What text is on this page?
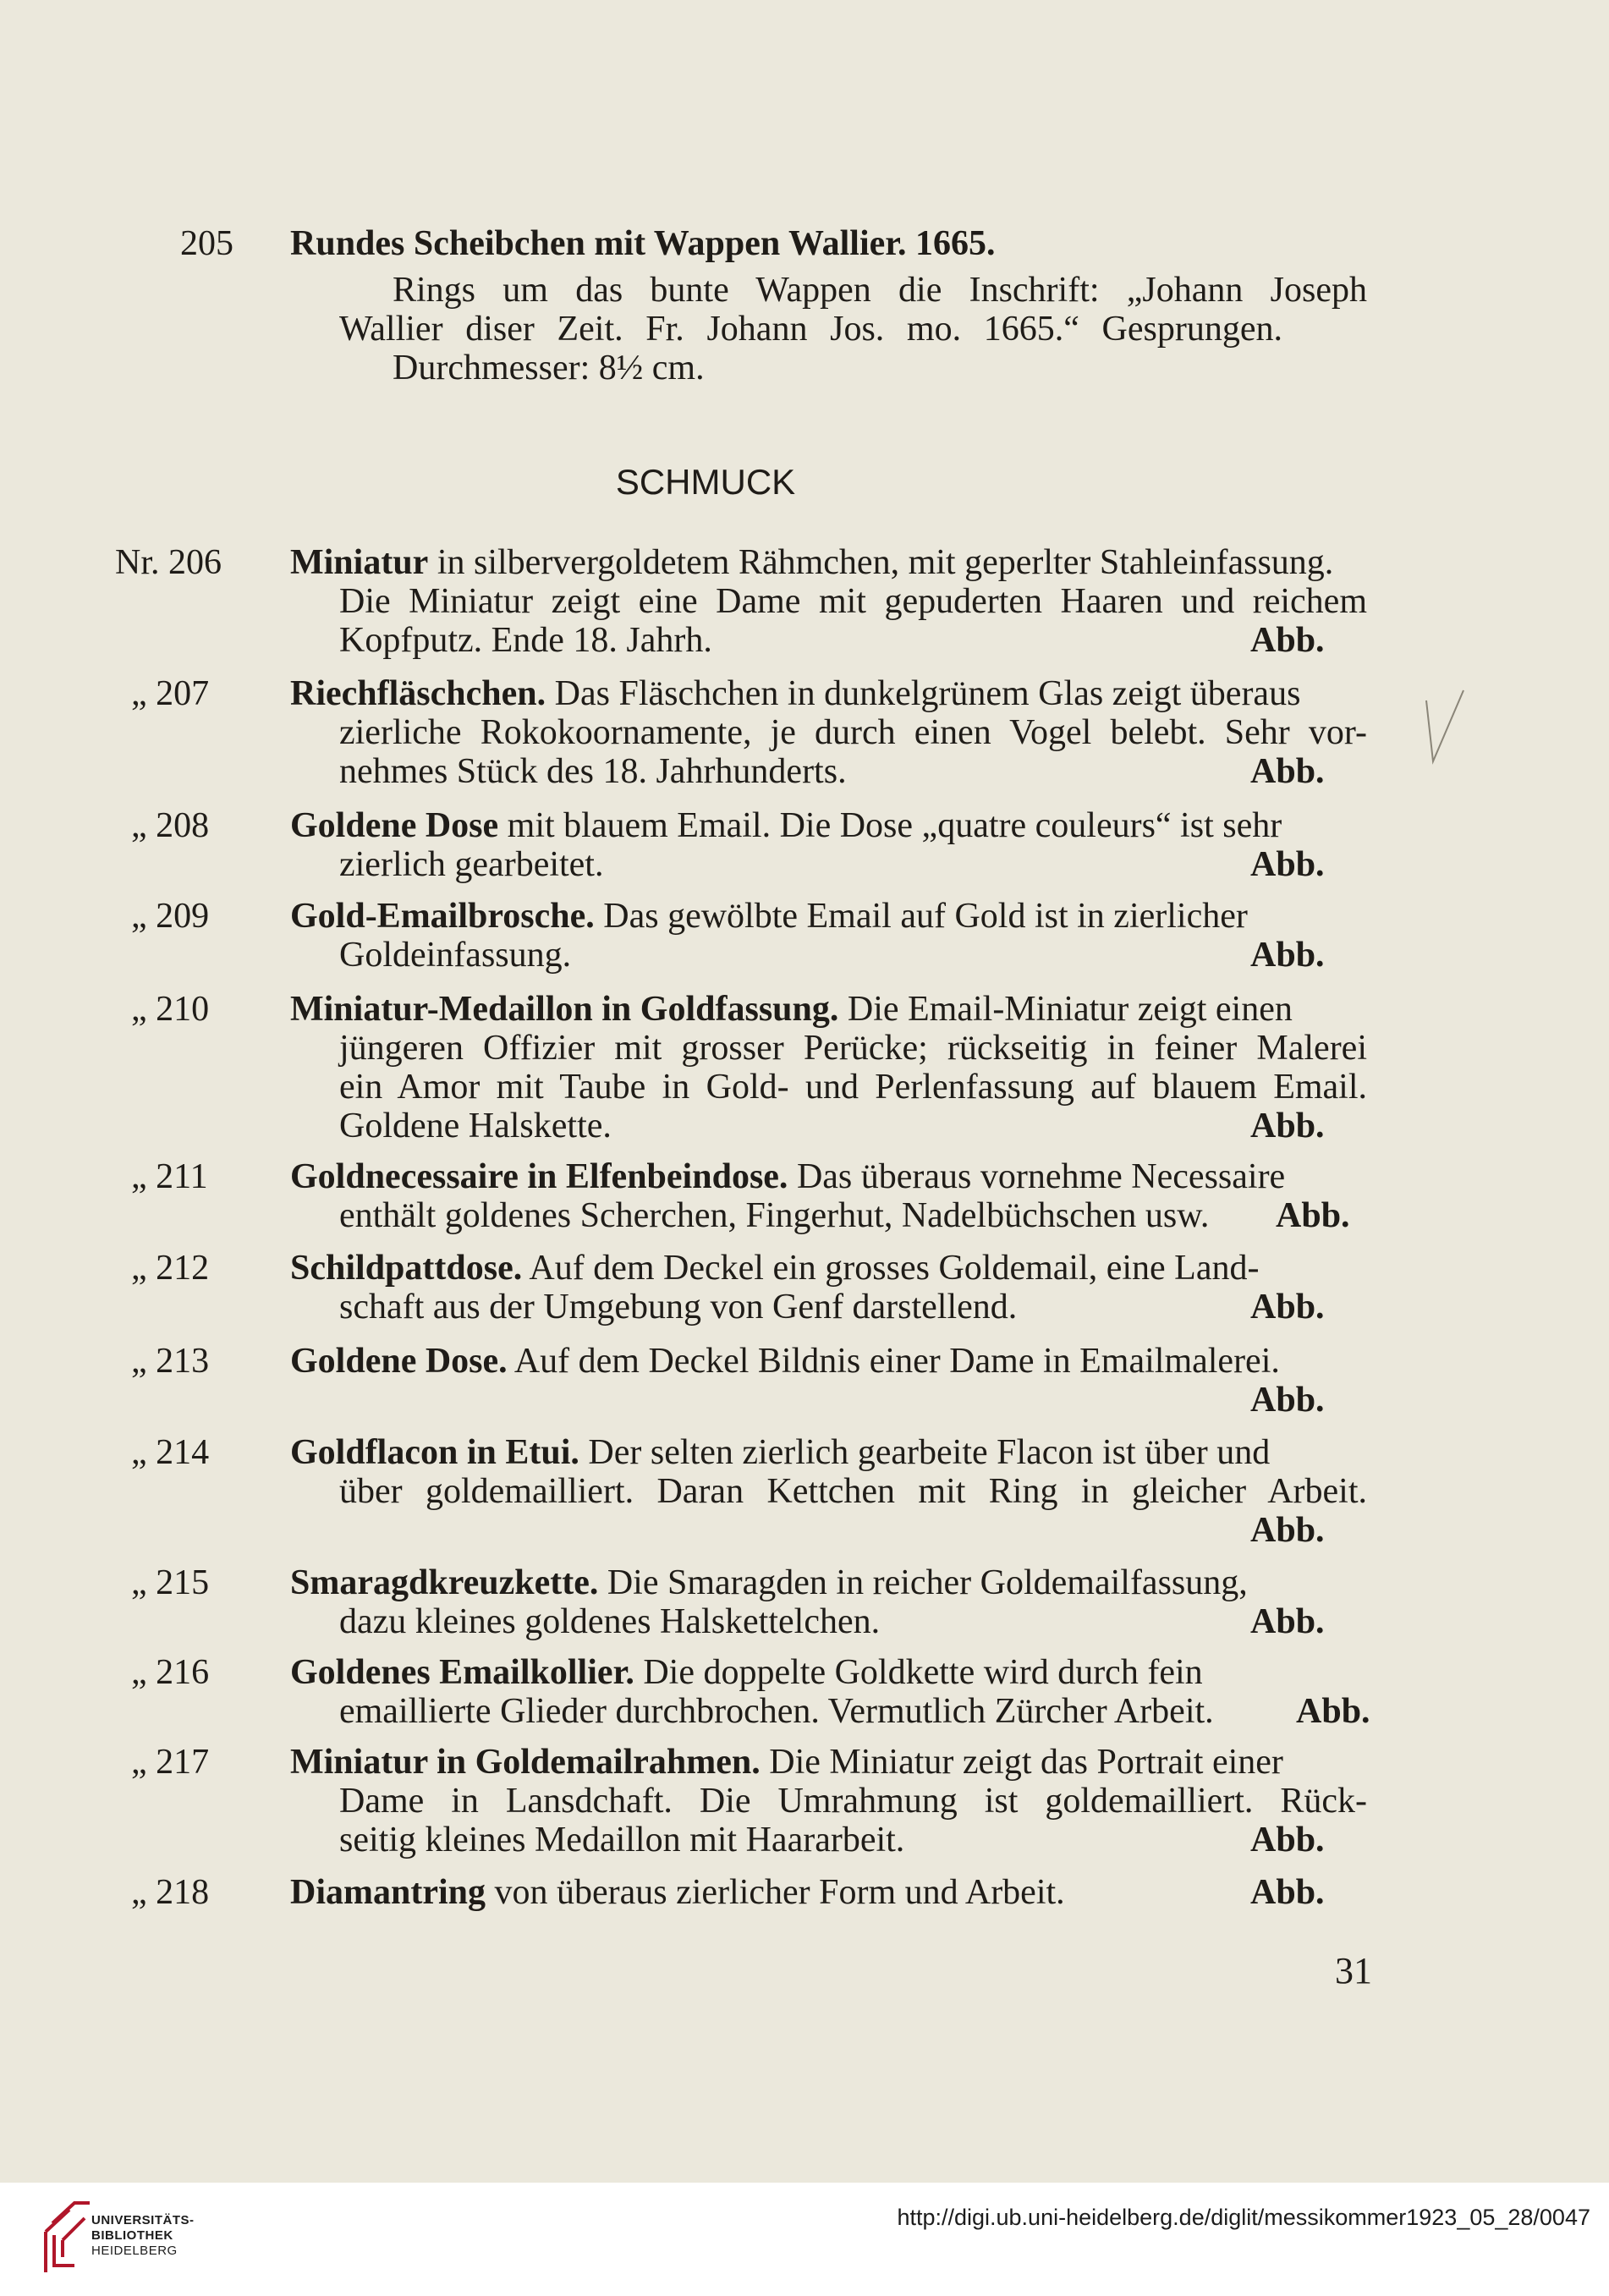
205 Rundes Scheibchen mit Wappen Wallier. 1665.
Rings um das bunte Wappen die Inschrift: „Johann Joseph
Wallier diser Zeit. Fr. Johann Jos. mo. 1665.“ Gesprungen.
Durchmesser: 8½ cm.
SCHMUCK
Nr. 206 Miniatur in silbervergoldetem Rähmchen, mit geperlter Stahleinfassung.
Die Miniatur zeigt eine Dame mit gepuderten Haaren und reichem
Kopfputz. Ende 18. Jahrh.	Abb.
„ 207 Riechfläschchen. Das Fläschchen in dunkelgrünem Glas zeigt überaus
zierliche Rokokoornamente, je durch einen Vogel belebt. Sehr vor-
nehmes Stück des 18. Jahrhunderts.	Abb.
„ 208 Goldene Dose mit blauem Email. Die Dose „quatre couleurs“ ist sehr
zierlich gearbeitet.	Abb.
„ 209 Gold-Emailbrosche. Das gewölbte Email auf Gold ist in zierlicher
Goldeinfassung.	Abb.
„ 210 Miniatur-Medaillon in Goldfassung. Die Email-Miniatur zeigt einen
jüngeren Offizier mit grosser Perücke; rückseitig in feiner Malerei
ein Amor mit Taube in Gold- und Perlenfassung auf blauem Email.
Goldene Halskette.	Abb.
„ 211 Goldnecessaire in Elfenbeindose. Das überaus vornehme Necessaire
enthält goldenes Scherchen, Fingerhut, Nadelbüchschen usw. Abb.
„ 212 Schildpattdose. Auf dem Deckel ein grosses Goldemail, eine Land-
schaft aus der Umgebung von Genf darstellend.	Abb.
„ 213 Goldene Dose. Auf dem Deckel Bildnis einer Dame in Emailmalerei.
Abb.
„ 214 Goldflacon in Etui. Der selten zierlich gearbeite Flacon ist über und
über goldemailliert. Daran Kettchen mit Ring in gleicher Arbeit.
Abb.
„ 215 Smaragdkreuzkette. Die Smaragden in reicher Goldemailfassung,
dazu kleines goldenes Halskettelchen.	Abb.
„ 216 Goldenes Emailkollier. Die doppelte Goldkette wird durch fein
emaillierte Glieder durchbrochen. Vermutlich Zürcher Arbeit. Abb.
„ 217 Miniatur in Goldemailrahmen. Die Miniatur zeigt das Portrait einer
Dame in Lansdchaft. Die Umrahmung ist goldemailliert. Rück-
seitig kleines Medaillon mit Haararbeit.	Abb.
„ 218 Diamantring von überaus zierlicher Form und Arbeit.	Abb.
31
UNIVERSITÄTS-
BIBLIOTHEK
HEIDELBERG
http://digi.ub.uni-heidelberg.de/diglit/messikommer1923_05_28/0047
